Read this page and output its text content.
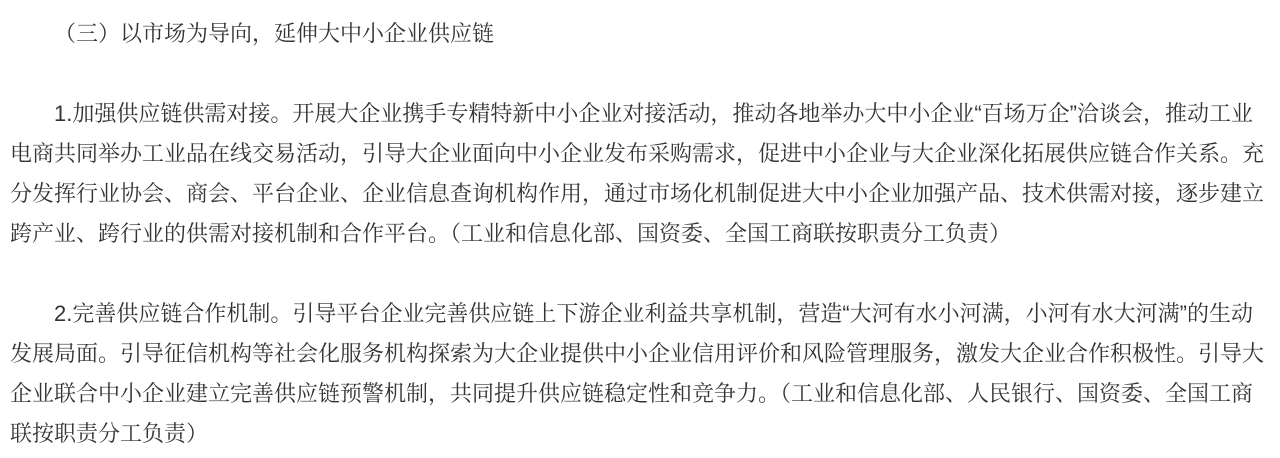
（三）以市场为导向，延伸大中小企业供应链

1.加强供应链供需对接。开展大企业携手专精特新中小企业对接活动，推动各地举办大中小企业“百场万企”洽谈会，推动工业电商共同举办工业品在线交易活动，引导大企业面向中小企业发布采购需求，促进中小企业与大企业深化拓展供应链合作关系。充分发挥行业协会、商会、平台企业、企业信息查询机构作用，通过市场化机制促进大中小企业加强产品、技术供需对接，逐步建立跨产业、跨行业的供需对接机制和合作平台。（工业和信息化部、国资委、全国工商联按职责分工负责）

2.完善供应链合作机制。引导平台企业完善供应链上下游企业利益共享机制，营造“大河有水小河满，小河有水大河满”的生动发展局面。引导征信机构等社会化服务机构探索为大企业提供中小企业信用评价和风险管理服务，激发大企业合作积极性。引导大企业联合中小企业建立完善供应链预警机制，共同提升供应链稳定性和竞争力。（工业和信息化部、人民银行、国资委、全国工商联按职责分工负责）
